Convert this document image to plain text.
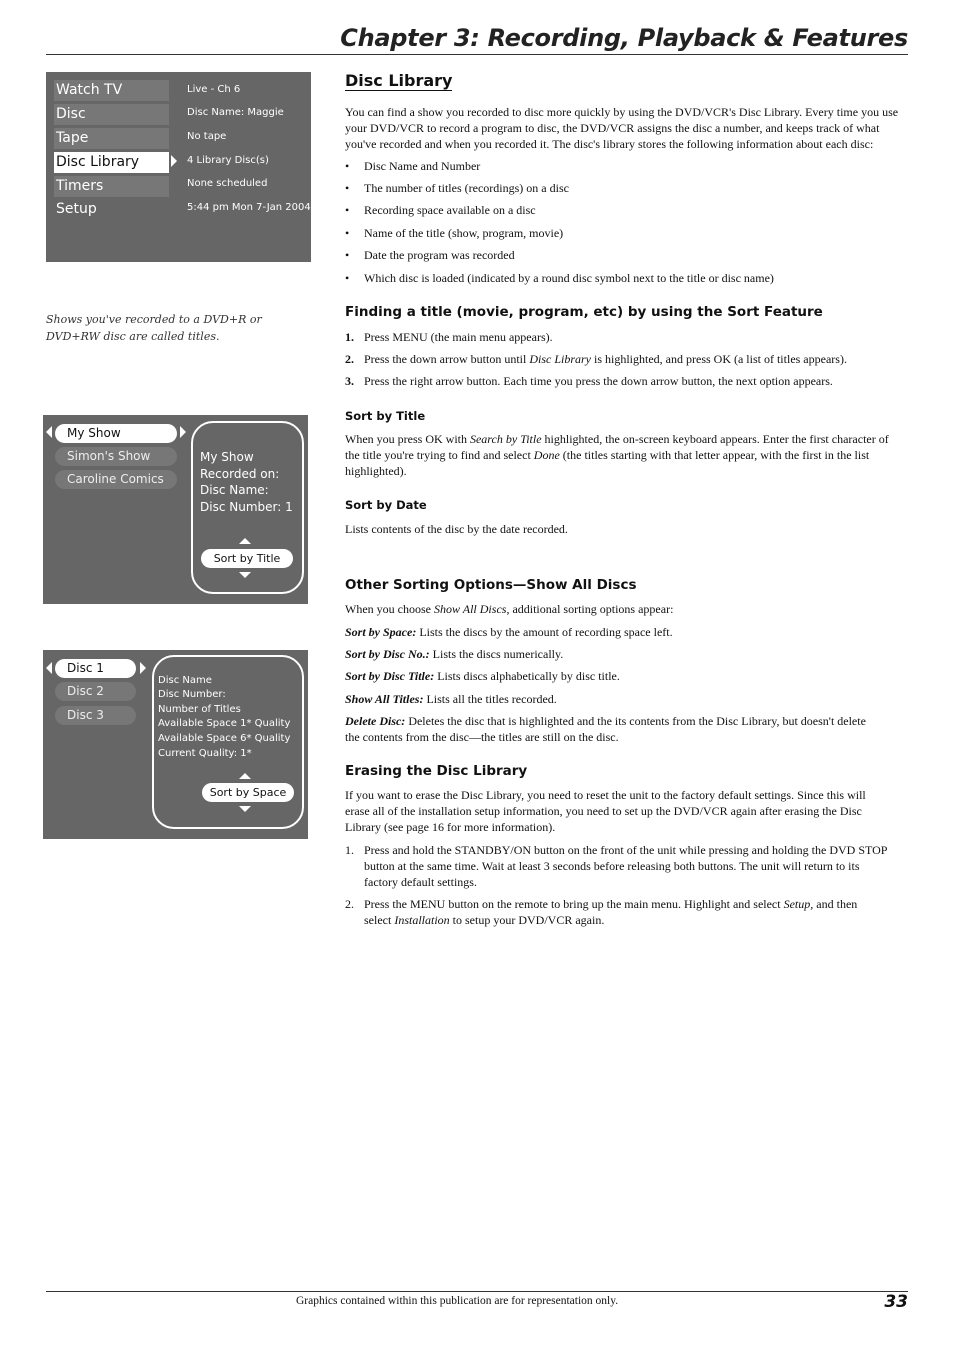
Chapter 3: Recording, Playback & Features
Watch TV
Disc
Tape
Disc Library
Timers
Setup
Live - Ch 6
Disc Name: Maggie
No tape
4 Library Disc(s)
None scheduled
5:44 pm Mon 7-Jan 2004
Shows you've recorded to a DVD+R or DVD+RW disc are called titles.
My Show
Simon's Show
Caroline Comics
My Show
Recorded on:
Disc Name:
Disc Number: 1
Sort by Title
Disc 1
Disc 2
Disc 3
Disc Name
Disc Number:
Number of Titles
Available Space 1* Quality
Available Space 6* Quality
Current Quality: 1*
Sort by Space
Disc Library
You can find a show you recorded to disc more quickly by using the DVD/VCR's Disc Library. Every time you use
your DVD/VCR to record a program to disc, the DVD/VCR assigns the disc a number, and keeps track of what
you've recorded and when you recorded it. The disc's library stores the following information about each disc:
• Disc Name and Number
• The number of titles (recordings) on a disc
• Recording space available on a disc
• Name of the title (show, program, movie)
• Date the program was recorded
• Which disc is loaded (indicated by a round disc symbol next to the title or disc name)
Finding a title (movie, program, etc) by using the Sort Feature
1. Press MENU (the main menu appears).
2. Press the down arrow button until Disc Library is highlighted, and press OK (a list of titles appears).
3. Press the right arrow button. Each time you press the down arrow button, the next option appears.
Sort by Title
When you press OK with Search by Title highlighted, the on-screen keyboard appears. Enter the first character of
the title you're trying to find and select Done (the titles starting with that letter appear, with the first in the list
highlighted).
Sort by Date
Lists contents of the disc by the date recorded.
Other Sorting Options—Show All Discs
When you choose Show All Discs, additional sorting options appear:
Sort by Space: Lists the discs by the amount of recording space left.
Sort by Disc No.: Lists the discs numerically.
Sort by Disc Title: Lists discs alphabetically by disc title.
Show All Titles: Lists all the titles recorded.
Delete Disc: Deletes the disc that is highlighted and the its contents from the Disc Library, but doesn't delete
the contents from the disc—the titles are still on the disc.
Erasing the Disc Library
If you want to erase the Disc Library, you need to reset the unit to the factory default settings. Since this will
erase all of the installation setup information, you need to set up the DVD/VCR again after erasing the Disc
Library (see page 16 for more information).
1. Press and hold the STANDBY/ON button on the front of the unit while pressing and holding the DVD STOP
button at the same time. Wait at least 3 seconds before releasing both buttons. The unit will return to its
factory default settings.
2. Press the MENU button on the remote to bring up the main menu. Highlight and select Setup, and then
select Installation to setup your DVD/VCR again.
Graphics contained within this publication are for representation only.	33
